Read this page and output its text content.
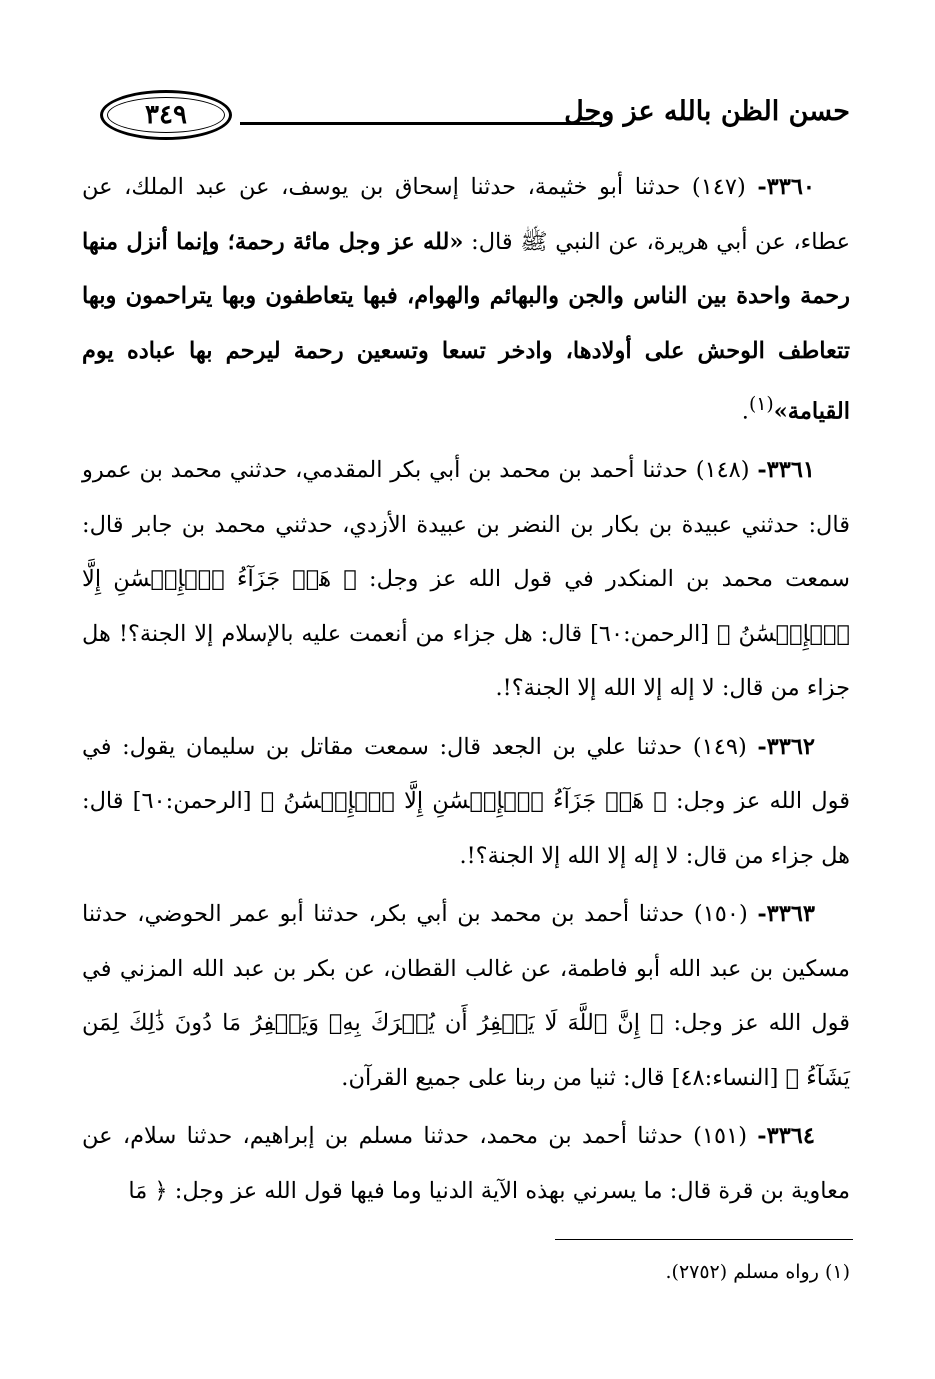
حسن الظن بالله عز وجل
٣٤٩

٣٣٦٠- (١٤٧) حدثنا أبو خثيمة، حدثنا إسحاق بن يوسف، عن عبد الملك، عن عطاء، عن أبي هريرة، عن النبي ﷺ قال: «لله عز وجل مائة رحمة؛ وإنما أنزل منها رحمة واحدة بين الناس والجن والبهائم والهوام، فبها يتعاطفون وبها يتراحمون وبها تتعاطف الوحش على أولادها، وادخر تسعا وتسعين رحمة ليرحم بها عباده يوم القيامة»$^{(١)}$.

٣٣٦١- (١٤٨) حدثنا أحمد بن محمد بن أبي بكر المقدمي، حدثني محمد بن عمرو قال: حدثني عبيدة بن بكار بن النضر بن عبيدة الأزدي، حدثني محمد بن جابر قال: سمعت محمد بن المنكدر في قول الله عز وجل: ﴿ هَلۡ جَزَآءُ ٱلۡإِحۡسَٰنِ إِلَّا ٱلۡإِحۡسَٰنُ ﴾ [الرحمن:٦٠] قال: هل جزاء من أنعمت عليه بالإسلام إلا الجنة؟! هل جزاء من قال: لا إله إلا الله إلا الجنة؟!.

٣٣٦٢- (١٤٩) حدثنا علي بن الجعد قال: سمعت مقاتل بن سليمان يقول: في قول الله عز وجل: ﴿ هَلۡ جَزَآءُ ٱلۡإِحۡسَٰنِ إِلَّا ٱلۡإِحۡسَٰنُ ﴾ [الرحمن:٦٠] قال: هل جزاء من قال: لا إله إلا الله إلا الجنة؟!.

٣٣٦٣- (١٥٠) حدثنا أحمد بن محمد بن أبي بكر، حدثنا أبو عمر الحوضي، حدثنا مسكين بن عبد الله أبو فاطمة، عن غالب القطان، عن بكر بن عبد الله المزني في قول الله عز وجل: ﴿ إِنَّ ٱللَّهَ لَا يَغۡفِرُ أَن يُشۡرَكَ بِهِۦ وَيَغۡفِرُ مَا دُونَ ذَٰلِكَ لِمَن يَشَآءُ ﴾ [النساء:٤٨] قال: ثنيا من ربنا على جميع القرآن.

٣٣٦٤- (١٥١) حدثنا أحمد بن محمد، حدثنا مسلم بن إبراهيم، حدثنا سلام، عن معاوية بن قرة قال: ما يسرني بهذه الآية الدنيا وما فيها قول الله عز وجل: ﴿ مَا

(١) رواه مسلم (٢٧٥٢).
